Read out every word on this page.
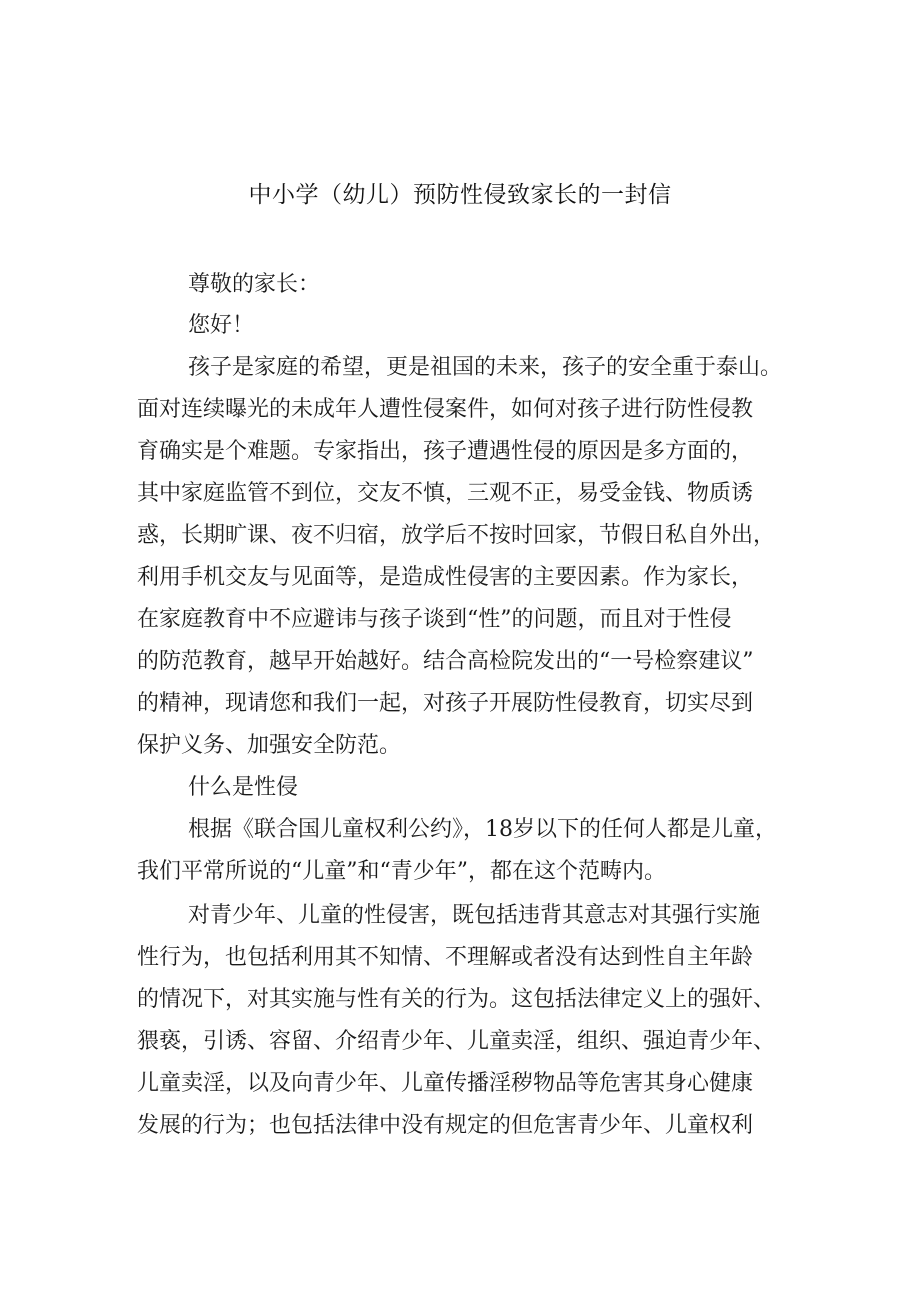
中小学（幼儿）预防性侵致家长的一封信
尊敬的家长：
您好！
孩子是家庭的希望，更是祖国的未来，孩子的安全重于泰山。
面对连续曝光的未成年人遭性侵案件，如何对孩子进行防性侵教
育确实是个难题。专家指出，孩子遭遇性侵的原因是多方面的，
其中家庭监管不到位，交友不慎，三观不正，易受金钱、物质诱
惑，长期旷课、夜不归宿，放学后不按时回家，节假日私自外出，
利用手机交友与见面等，是造成性侵害的主要因素。作为家长，
在家庭教育中不应避讳与孩子谈到“性”的问题，而且对于性侵
的防范教育，越早开始越好。结合高检院发出的“一号检察建议”
的精神，现请您和我们一起，对孩子开展防性侵教育，切实尽到
保护义务、加强安全防范。
什么是性侵
根据《联合国儿童权利公约》，18岁以下的任何人都是儿童，
我们平常所说的“儿童”和“青少年”，都在这个范畴内。
对青少年、儿童的性侵害，既包括违背其意志对其强行实施
性行为，也包括利用其不知情、不理解或者没有达到性自主年龄
的情况下，对其实施与性有关的行为。这包括法律定义上的强奸、
猥亵，引诱、容留、介绍青少年、儿童卖淫，组织、强迫青少年、
儿童卖淫，以及向青少年、儿童传播淫秽物品等危害其身心健康
发展的行为；也包括法律中没有规定的但危害青少年、儿童权利
